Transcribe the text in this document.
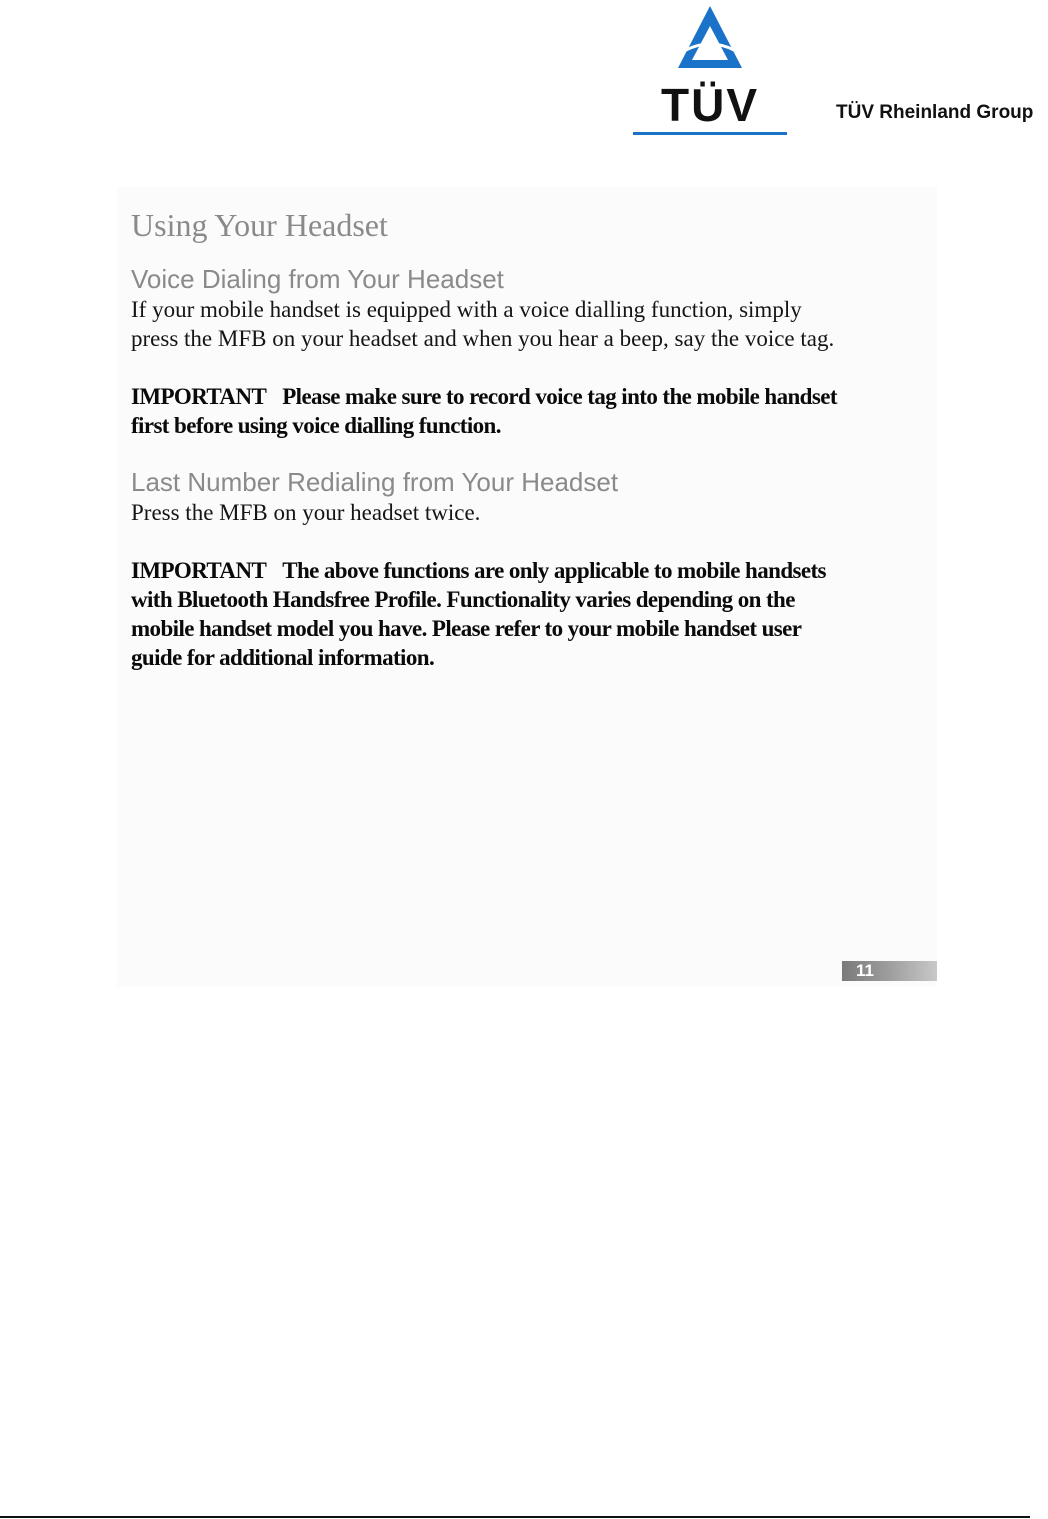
TÜV	TÜV Rheinland Group
Using Your Headset
Voice Dialing from Your Headset

If your mobile handset is equipped with a voice dialling function, simply press the MFB on your headset and when you hear a beep, say the voice tag.

IMPORTANT Please make sure to record voice tag into the mobile handset first before using voice dialling function.

Last Number Redialing from Your Headset

Press the MFB on your headset twice.

IMPORTANT The above functions are only applicable to mobile handsets with Bluetooth Handsfree Profile. Functionality varies depending on the mobile handset model you have. Please refer to your mobile handset user guide for additional information.

11
